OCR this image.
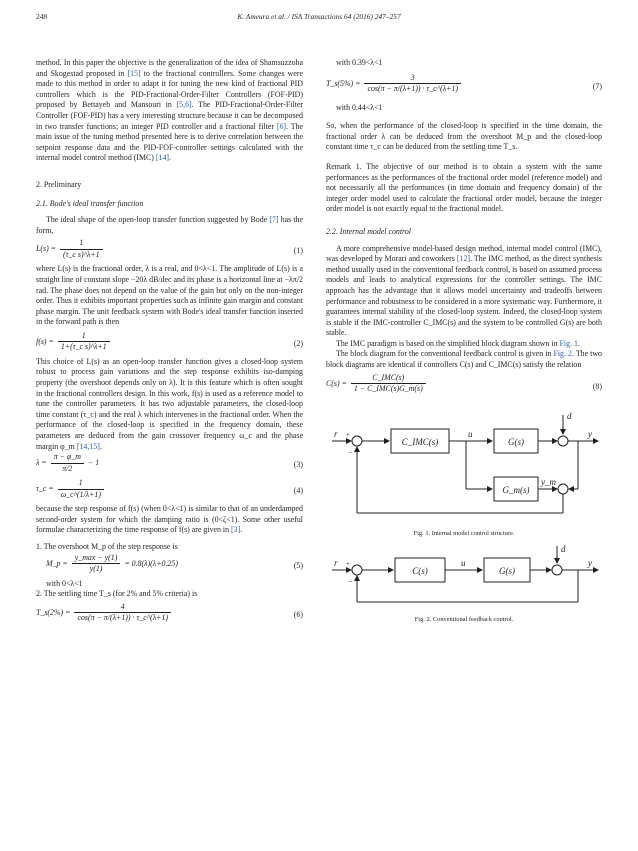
248	K. Ameura et al. / ISA Transactions 64 (2016) 247–257

method. In this paper the objective is the generalization of the idea of Shamsuzzoha and Skogestad proposed in [15] to the fractional controllers. Some changes were made to this method in order to adapt it for tuning the new kind of fractional PID controllers which is the PID-Fractional-Order-Filter Controllers (FOF-PID) proposed by Bettayeb and Mansouri in [5,6]. The PID-Fractional-Order-Filter Controller (FOF-PID) has a very interesting structure because it can be decomposed in two transfer functions; an integer PID controller and a fractional filter [6]. The main issue of the tuning method presented here is to derive correlation between the setpoint response data and the PID-FOF-controller settings calculated with the internal model control method (IMC) [14].

2. Preliminary

2.1. Bode's ideal transfer function

The ideal shape of the open-loop transfer function suggested by Bode [7] has the form,

$L(s) = \frac{1}{\text{(τ\_c s)\textasciicircum{}λ+1}}$	(1)

where L(s) is the fractional order, λ is a real, and 0<λ<1. The amplitude of L(s) is a straight line of constant slope −20λ dB/dec and its phase is a horizontal line at −λπ/2 rad. The phase does not depend on the value of the gain but only on the non-integer order. Thus it exhibits important properties such as infinite gain margin and constant phase margin. The unit feedback system with Bode's ideal transfer function inserted in the forward path is then

$f(s) = \frac{1}{\text{1+(τ\_c s)\textasciicircum{}λ+1}}$	(2)

This choice of L(s) as an open-loop transfer function gives a closed-loop system robust to process gain variations and the step response exhibits iso-damping property (the overshoot depends only on λ). It is this feature which is often sought in the fractional controllers design. In this work, f(s) is used as a reference model to tune the controller parameters. It has two adjustable parameters, the closed-loop time constant (τ_c) and the real λ which intervenes in the fractional order. When the performance of the closed-loop is specified in the frequency domain, these parameters are deduced from the gain crossover frequency ω_c and the phase margin φ_m [14,15].

$\lambda = \frac{\pi - \varphi\_m}{\pi/2} - 1$	(3)
τ_c = $\frac{1}{\omega\_c\^{}(1/\lambda+1)}$	(4)

because the step response of f(s) (when 0<λ<1) is similar to that of an underdamped second-order system for which the damping ratio is (0<ζ<1). Some other useful formulae characterizing the time response of f(s) are given in [3].

1. The overshoot M_p of the step response is

M_p = $\frac{y\_\max - y(1)}{y(1)} = 0.8(\lambda)(\lambda+0.25)$	(5)

with 0<λ<1

2. The settling time T_s (for 2% and 5% criteria) is

T_s(2%) = $\frac{4}{\cos(\pi - \pi/(\lambda+1)) \cdot \tau\_c\^{}(\lambda+1)}$	(6)

with 0.39<λ<1

T_s(5%) = $\frac{3}{\cos(\pi - \pi/(\lambda+1)) \cdot \tau\_c\^{}(\lambda+1)}$	(7)

with 0.44<λ<1

So, when the performance of the closed-loop is specified in the time domain, the fractional order λ can be deduced from the overshoot M_p and the closed-loop constant time τ_c can be deduced from the settling time T_s.

Remark 1. The objective of our method is to obtain a system with the same performances as the performances of the fractional order model (reference model) and not necessarily all the performances (in time domain and frequency domain) of the integer order model used to calculate the fractional order model, because the integer order model is not exactly equal to the fractional model.

2.2. Internal model control

A more comprehensive model-based design method, internal model control (IMC), was developed by Morari and coworkers [12]. The IMC method, as the direct synthesis method usually used in the conventional feedback control, is based on assumed process models and leads to analytical expressions for the controller settings. The IMC approach has the advantage that it allows model uncertainty and tradeoffs between performance and robustness to be considered in a more systematic way. Furthermore, it guarantees internal stability of the closed-loop system. Indeed, the closed-loop system is stable if the IMC-controller C_IMC(s) and the system to be controlled G(s) are both stable.

The IMC paradigm is based on the simplified block diagram shown in Fig. 1.

The block diagram for the conventional feedback control is given in Fig. 2. The two block diagrams are identical if controllers C(s) and C_IMC(s) satisfy the relation

$C(s) = \frac{\text{C\_IMC(s)}}{\text{1 − C\_IMC(s)G\_m(s)}}$	(8)
r	u	y
d
y_m
C_IMC(s)	G(s)
G_m(s)
+
−
Fig. 1. Internal model control structure.
r	u	y
d
C(s)	G(s)
+
−
Fig. 2. Conventional feedback control.
